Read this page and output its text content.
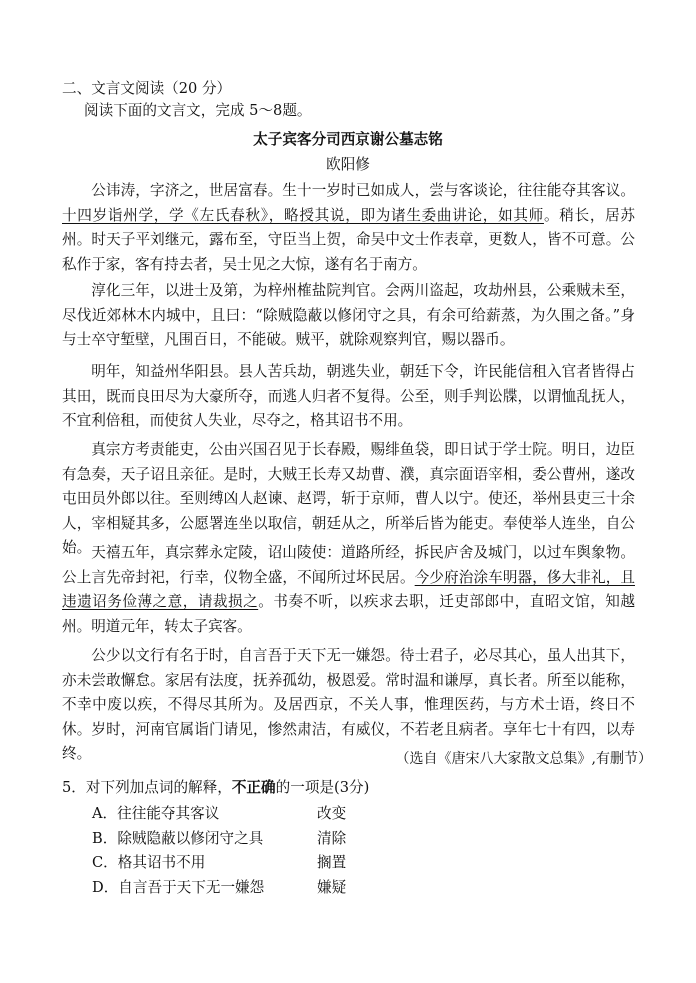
二、文言文阅读（20 分）
阅读下面的文言文，完成 5～8题。
太子宾客分司西京谢公墓志铭
欧阳修
公讳涛，字济之，世居富春。生十一岁时已如成人，尝与客谈论，往往能夺其客议。十四岁诣州学，学《左氏春秋》，略授其说，即为诸生委曲讲论，如其师。稍长，居苏州。时天子平刘继元，露布至，守臣当上贺，命吴中文士作表章，更数人，皆不可意。公私作于家，客有持去者，吴士见之大惊，遂有名于南方。
淳化三年，以进士及第，为梓州榷盐院判官。会两川盗起，攻劫州县，公乘贼未至，尽伐近郊林木内城中，且曰：“除贼隐蔽以修闭守之具，有余可给薪蒸，为久围之备。”身与士卒守堑壁，凡围百日，不能破。贼平，就除观察判官，赐以器币。
明年，知益州华阳县。县人苦兵劫，朝逃失业，朝廷下令，许民能信租入官者皆得占其田，既而良田尽为大豪所夺，而逃人归者不复得。公至，则手判讼牒，以谓恤乱抚人，不宜利倍租，而使贫人失业，尽夺之，格其诏书不用。
真宗方考责能吏，公由兴国召见于长春殿，赐绯鱼袋，即日试于学士院。明日，边臣有急奏，天子诏且亲征。是时，大贼王长寿又劫曹、濮，真宗面语宰相，委公曹州，遂改屯田员外郎以往。至则缚凶人赵谏、赵谔，斩于京师，曹人以宁。使还，举州县吏三十余人，宰相疑其多，公愿署连坐以取信，朝廷从之，所举后皆为能吏。奉使举人连坐，自公始。 天禧五年，真宗葬永定陵，诏山陵使：道路所经，拆民庐舍及城门，以过车舆象物。公上言先帝封祀，行幸，仪物全盛，不闻所过坏民居。今少府治涂车明器，侈大非礼，且违遗诏务俭薄之意，请裁损之。书奏不听，以疾求去职，迁吏部郎中，直昭文馆，知越州。明道元年，转太子宾客。
公少以文行有名于时，自言吾于天下无一嫌怨。待士君子，必尽其心，虽人出其下，亦未尝敢懈怠。家居有法度，抚养孤幼，极恩爱。常时温和谦厚，真长者。所至以能称，不幸中废以疾，不得尽其所为。及居西京，不关人事，惟理医药，与方术士语，终日不休。岁时，河南官属诣门请见，惨然肃洁，有威仪，不若老且病者。享年七十有四，以寿终。	（选自《唐宋八大家散文总集》,有删节）
5．对下列加点词的解释，不正确的一项是(3分)
A．往往能夺其客议	改变
B．除贼隐蔽以修闭守之具	清除
C．格其诏书不用	搁置
D．自言吾于天下无一嫌怨	嫌疑
